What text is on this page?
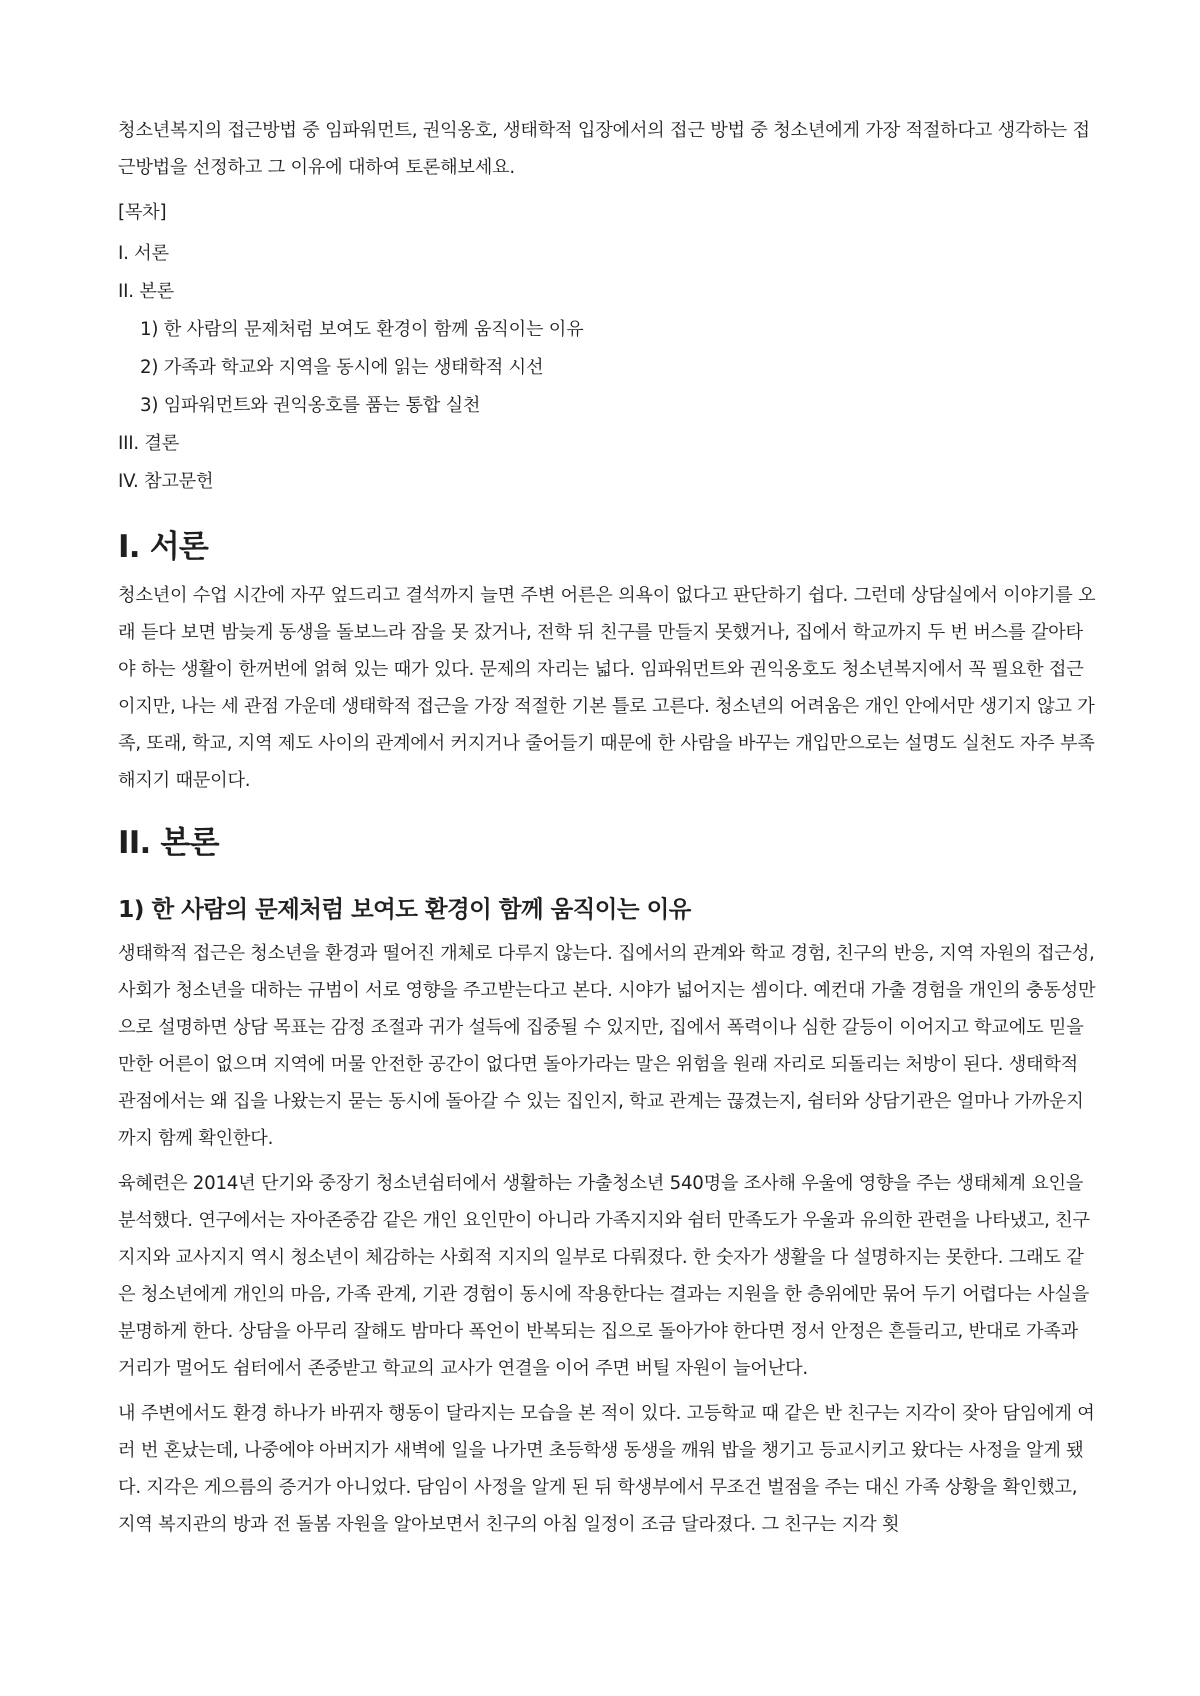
청소년복지의 접근방법 중 임파워먼트, 권익옹호, 생태학적 입장에서의 접근 방법 중 청소년에게 가장 적절하다고 생각하는 접근방법을 선정하고 그 이유에 대하여 토론해보세요.

[목차]

I. 서론

II. 본론

1) 한 사람의 문제처럼 보여도 환경이 함께 움직이는 이유

2) 가족과 학교와 지역을 동시에 읽는 생태학적 시선

3) 임파워먼트와 권익옹호를 품는 통합 실천

III. 결론

IV. 참고문헌

I. 서론

청소년이 수업 시간에 자꾸 엎드리고 결석까지 늘면 주변 어른은 의욕이 없다고 판단하기 쉽다. 그런데 상담실에서 이야기를 오래 듣다 보면 밤늦게 동생을 돌보느라 잠을 못 잤거나, 전학 뒤 친구를 만들지 못했거나, 집에서 학교까지 두 번 버스를 갈아타야 하는 생활이 한꺼번에 얽혀 있는 때가 있다. 문제의 자리는 넓다. 임파워먼트와 권익옹호도 청소년복지에서 꼭 필요한 접근이지만, 나는 세 관점 가운데 생태학적 접근을 가장 적절한 기본 틀로 고른다. 청소년의 어려움은 개인 안에서만 생기지 않고 가족, 또래, 학교, 지역 제도 사이의 관계에서 커지거나 줄어들기 때문에 한 사람을 바꾸는 개입만으로는 설명도 실천도 자주 부족해지기 때문이다.

II. 본론
1) 한 사람의 문제처럼 보여도 환경이 함께 움직이는 이유

생태학적 접근은 청소년을 환경과 떨어진 개체로 다루지 않는다. 집에서의 관계와 학교 경험, 친구의 반응, 지역 자원의 접근성, 사회가 청소년을 대하는 규범이 서로 영향을 주고받는다고 본다. 시야가 넓어지는 셈이다. 예컨대 가출 경험을 개인의 충동성만으로 설명하면 상담 목표는 감정 조절과 귀가 설득에 집중될 수 있지만, 집에서 폭력이나 심한 갈등이 이어지고 학교에도 믿을 만한 어른이 없으며 지역에 머물 안전한 공간이 없다면 돌아가라는 말은 위험을 원래 자리로 되돌리는 처방이 된다. 생태학적 관점에서는 왜 집을 나왔는지 묻는 동시에 돌아갈 수 있는 집인지, 학교 관계는 끊겼는지, 쉼터와 상담기관은 얼마나 가까운지까지 함께 확인한다.

육혜련은 2014년 단기와 중장기 청소년쉼터에서 생활하는 가출청소년 540명을 조사해 우울에 영향을 주는 생태체계 요인을 분석했다. 연구에서는 자아존중감 같은 개인 요인만이 아니라 가족지지와 쉼터 만족도가 우울과 유의한 관련을 나타냈고, 친구지지와 교사지지 역시 청소년이 체감하는 사회적 지지의 일부로 다뤄졌다. 한 숫자가 생활을 다 설명하지는 못한다. 그래도 같은 청소년에게 개인의 마음, 가족 관계, 기관 경험이 동시에 작용한다는 결과는 지원을 한 층위에만 묶어 두기 어렵다는 사실을 분명하게 한다. 상담을 아무리 잘해도 밤마다 폭언이 반복되는 집으로 돌아가야 한다면 정서 안정은 흔들리고, 반대로 가족과 거리가 멀어도 쉼터에서 존중받고 학교의 교사가 연결을 이어 주면 버틸 자원이 늘어난다.

내 주변에서도 환경 하나가 바뀌자 행동이 달라지는 모습을 본 적이 있다. 고등학교 때 같은 반 친구는 지각이 잦아 담임에게 여러 번 혼났는데, 나중에야 아버지가 새벽에 일을 나가면 초등학생 동생을 깨워 밥을 챙기고 등교시키고 왔다는 사정을 알게 됐다. 지각은 게으름의 증거가 아니었다. 담임이 사정을 알게 된 뒤 학생부에서 무조건 벌점을 주는 대신 가족 상황을 확인했고, 지역 복지관의 방과 전 돌봄 자원을 알아보면서 친구의 아침 일정이 조금 달라졌다. 그 친구는 지각 횟
